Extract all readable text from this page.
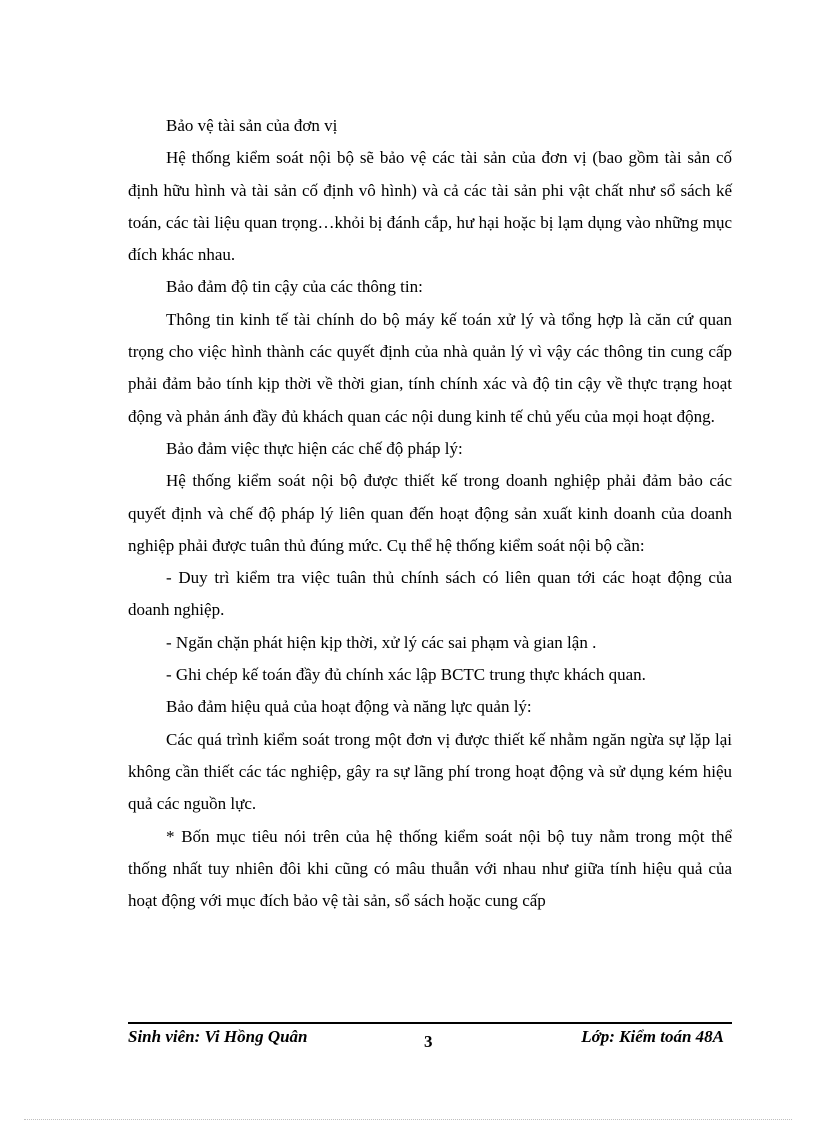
Bảo vệ tài sản của đơn vị

Hệ thống kiểm soát nội bộ sẽ bảo vệ các tài sản của đơn vị (bao gồm tài sản cố định hữu hình và tài sản cố định vô hình) và cả các tài sản phi vật chất như sổ sách kế toán, các tài liệu quan trọng…khỏi bị đánh cắp, hư hại hoặc bị lạm dụng vào những mục đích khác nhau.

Bảo đảm độ tin cậy của các thông tin:

Thông tin kinh tế tài chính do bộ máy kế toán xử lý và tổng hợp là căn cứ quan trọng cho việc hình thành các quyết định của nhà quản lý vì vậy các thông tin cung cấp phải đảm bảo tính kịp thời về thời gian, tính chính xác và độ tin cậy về thực trạng hoạt động và phản ánh đầy đủ khách quan các nội dung kinh tế chủ yếu của mọi hoạt động.

Bảo đảm việc thực hiện các chế độ pháp lý:

Hệ thống kiểm soát nội bộ được thiết kế trong doanh nghiệp phải đảm bảo các quyết định và chế độ pháp lý liên quan đến hoạt động sản xuất kinh doanh của doanh nghiệp phải được tuân thủ đúng mức. Cụ thể hệ thống kiểm soát nội bộ cần:

- Duy trì kiểm tra việc tuân thủ chính sách có liên quan tới các hoạt động của doanh nghiệp.

- Ngăn chặn phát hiện kịp thời, xử lý các sai phạm và gian lận .

- Ghi chép kế toán đầy đủ chính xác lập BCTC trung thực khách quan.

Bảo đảm hiệu quả của hoạt động và năng lực quản lý:

Các quá trình kiểm soát trong một đơn vị được thiết kế nhằm ngăn ngừa sự lặp lại không cần thiết các tác nghiệp, gây ra sự lãng phí trong hoạt động và sử dụng kém hiệu quả các nguồn lực.

* Bốn mục tiêu nói trên của hệ thống kiểm soát nội bộ tuy nằm trong một thể thống nhất tuy nhiên đôi khi cũng có mâu thuẫn với nhau như giữa tính hiệu quả của hoạt động với mục đích bảo vệ tài sản, sổ sách hoặc cung cấp

Sinh viên: Vi Hồng Quân	3	Lớp: Kiểm toán 48A
